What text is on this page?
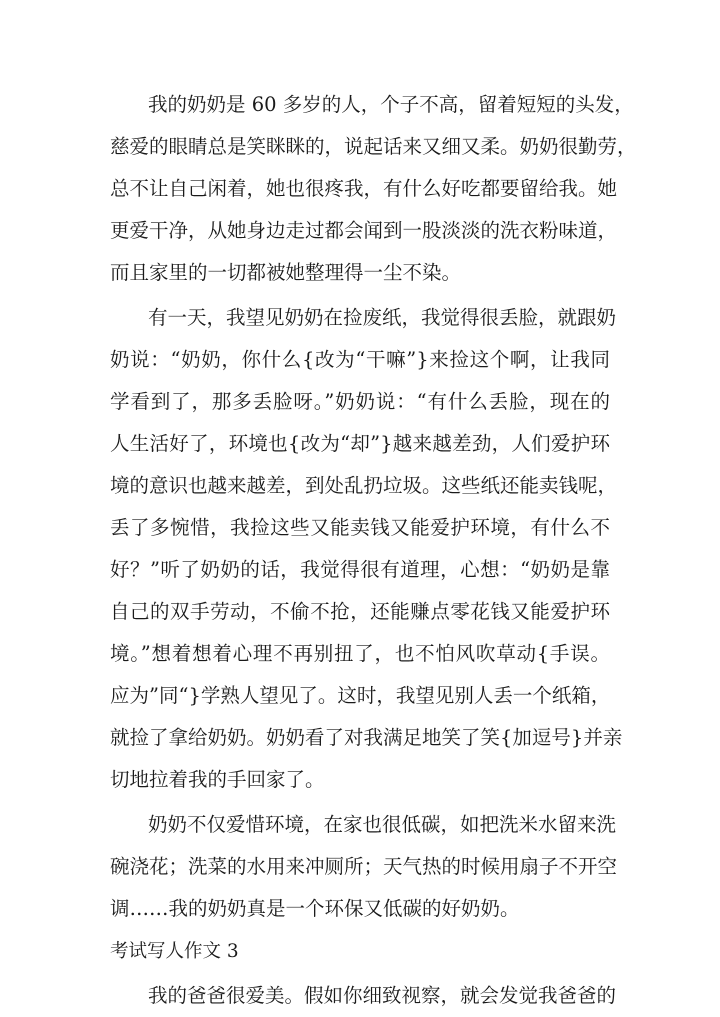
我的奶奶是 60 多岁的人，个子不高，留着短短的头发，
慈爱的眼睛总是笑眯眯的，说起话来又细又柔。奶奶很勤劳，
总不让自己闲着，她也很疼我，有什么好吃都要留给我。她
更爱干净，从她身边走过都会闻到一股淡淡的洗衣粉味道，
而且家里的一切都被她整理得一尘不染。
有一天，我望见奶奶在捡废纸，我觉得很丢脸，就跟奶
奶说：“奶奶，你什么{改为“干嘛”}来捡这个啊，让我同
学看到了，那多丢脸呀。”奶奶说：“有什么丢脸，现在的
人生活好了，环境也{改为“却”}越来越差劲，人们爱护环
境的意识也越来越差，到处乱扔垃圾。这些纸还能卖钱呢，
丢了多惋惜，我捡这些又能卖钱又能爱护环境，有什么不
好？”听了奶奶的话，我觉得很有道理，心想：“奶奶是靠
自己的双手劳动，不偷不抢，还能赚点零花钱又能爱护环
境。”想着想着心理不再别扭了，也不怕风吹草动{手误。
应为”同“}学熟人望见了。这时，我望见别人丢一个纸箱，
就捡了拿给奶奶。奶奶看了对我满足地笑了笑{加逗号}并亲
切地拉着我的手回家了。
奶奶不仅爱惜环境，在家也很低碳，如把洗米水留来洗
碗浇花；洗菜的水用来冲厕所；天气热的时候用扇子不开空
调……我的奶奶真是一个环保又低碳的好奶奶。
考试写人作文 3
我的爸爸很爱美。假如你细致视察，就会发觉我爸爸的
